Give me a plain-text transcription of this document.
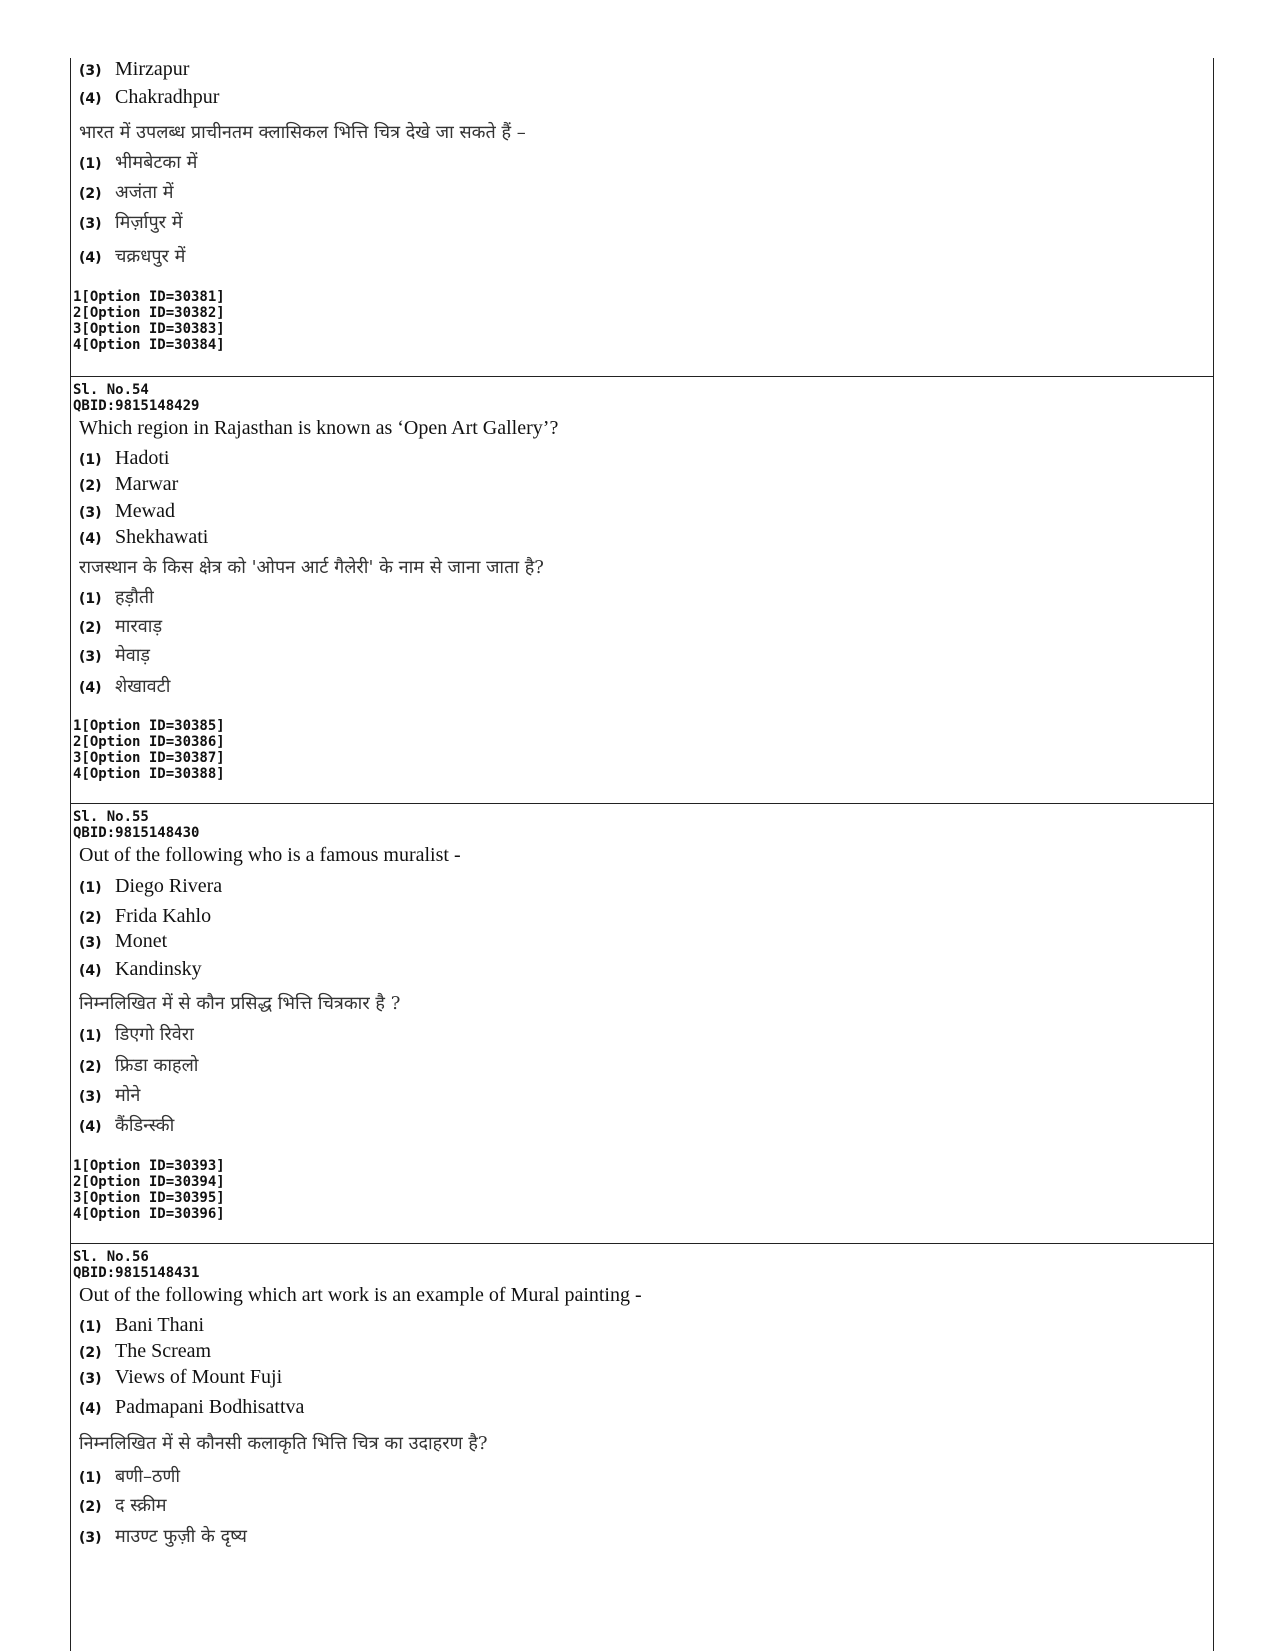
(3) Mirzapur
(4) Chakradhpur
भारत में उपलब्ध प्राचीनतम क्लासिकल भित्ति चित्र देखे जा सकते हैं –
(1) भीमबेटका में
(2) अजंता में
(3) मिर्ज़ापुर में
(4) चक्रधपुर में
1[Option ID=30381]
2[Option ID=30382]
3[Option ID=30383]
4[Option ID=30384]
Sl. No.54
QBID:9815148429
Which region in Rajasthan is known as ‘Open Art Gallery’?
(1) Hadoti
(2) Marwar
(3) Mewad
(4) Shekhawati
राजस्थान के किस क्षेत्र को 'ओपन आर्ट गैलेरी' के नाम से जाना जाता है?
(1) हड़ौती
(2) मारवाड़
(3) मेवाड़
(4) शेखावटी
1[Option ID=30385]
2[Option ID=30386]
3[Option ID=30387]
4[Option ID=30388]
Sl. No.55
QBID:9815148430
Out of the following who is a famous muralist -
(1) Diego Rivera
(2) Frida Kahlo
(3) Monet
(4) Kandinsky
निम्नलिखित में से कौन प्रसिद्ध भित्ति चित्रकार है ?
(1) डिएगो रिवेरा
(2) फ्रिडा काहलो
(3) मोने
(4) कैंडिन्स्की
1[Option ID=30393]
2[Option ID=30394]
3[Option ID=30395]
4[Option ID=30396]
Sl. No.56
QBID:9815148431
Out of the following which art work is an example of Mural painting -
(1) Bani Thani
(2) The Scream
(3) Views of Mount Fuji
(4) Padmapani Bodhisattva
निम्नलिखित में से कौनसी कलाकृति भित्ति चित्र का उदाहरण है?
(1) बणी–ठणी
(2) द स्क्रीम
(3) माउण्ट फुज़ी के दृष्य
